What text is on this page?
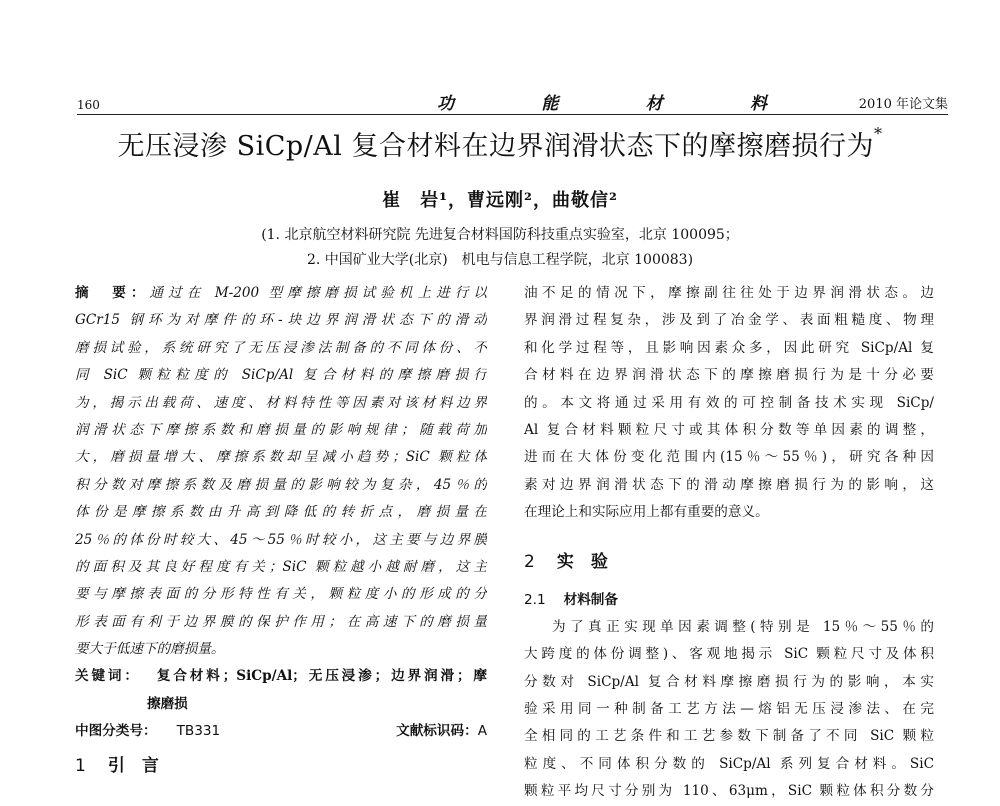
160	功	能	材	料	2010 年论文集
无压浸渗 SiCp/Al 复合材料在边界润滑状态下的摩擦磨损行为*
崔　岩¹，曹远刚²，曲敬信²
(1. 北京航空材料研究院 先进复合材料国防科技重点实验室，北京 100095；
2. 中国矿业大学(北京)　机电与信息工程学院，北京 100083)
摘　要：通过在 M-200 型摩擦磨损试验机上进行以
GCr15 钢环为对摩件的环-块边界润滑状态下的滑动
磨损试验，系统研究了无压浸渗法制备的不同体份、不
同 SiC 颗粒粒度的 SiCp/Al 复合材料的摩擦磨损行
为，揭示出载荷、速度、材料特性等因素对该材料边界
润滑状态下摩擦系数和磨损量的影响规律；随载荷加
大，磨损量增大、摩擦系数却呈减小趋势；SiC 颗粒体
积分数对摩擦系数及磨损量的影响较为复杂，45％的
体份是摩擦系数由升高到降低的转折点，磨损量在
25％的体份时较大、45～55％时较小，这主要与边界膜
的面积及其良好程度有关；SiC 颗粒越小越耐磨，这主
要与摩擦表面的分形特性有关，颗粒度小的形成的分
形表面有利于边界膜的保护作用；在高速下的磨损量
要大于低速下的磨损量。
关键词： 复合材料；SiCp/Al；无压浸渗；边界润滑；摩
擦磨损
中图分类号： TB331	文献标识码：A
1 引　言
油不足的情况下，摩擦副往往处于边界润滑状态。边
界润滑过程复杂，涉及到了冶金学、表面粗糙度、物理
和化学过程等，且影响因素众多，因此研究 SiCp/Al 复
合材料在边界润滑状态下的摩擦磨损行为是十分必要
的。本文将通过采用有效的可控制备技术实现 SiCp/
Al 复合材料颗粒尺寸或其体积分数等单因素的调整，
进而在大体份变化范围内(15％～55％)，研究各种因
素对边界润滑状态下的滑动摩擦磨损行为的影响，这
在理论上和实际应用上都有重要的意义。
2 实　验
2.1 材料制备
为了真正实现单因素调整(特别是 15％～55％的
大跨度的体份调整)、客观地揭示 SiC 颗粒尺寸及体积
分数对 SiCp/Al 复合材料摩擦磨损行为的影响，本实
验采用同一种制备工艺方法—熔铝无压浸渗法、在完
全相同的工艺条件和工艺参数下制备了不同 SiC 颗粒
粒度、不同体积分数的 SiCp/Al 系列复合材料。SiC
颗粒平均尺寸分别为 110、63μm，SiC 颗粒体积分数分
